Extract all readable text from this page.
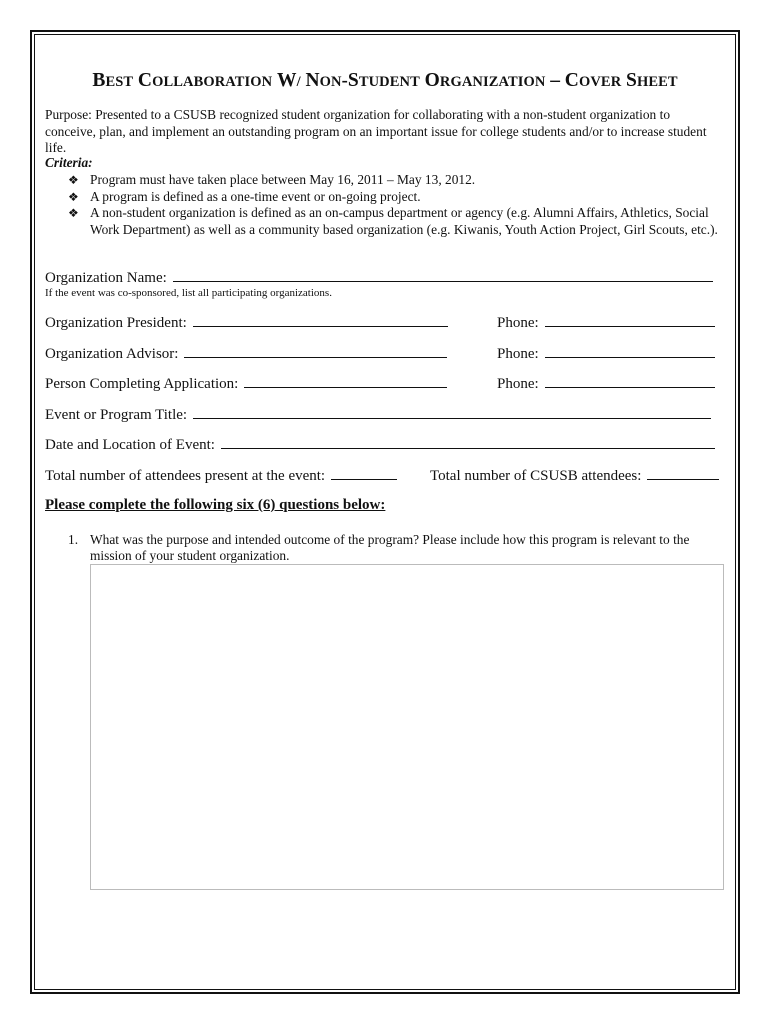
BEST COLLABORATION W/ NON-STUDENT ORGANIZATION – COVER SHEET
Purpose: Presented to a CSUSB recognized student organization for collaborating with a non-student organization to conceive, plan, and implement an outstanding program on an important issue for college students and/or to increase student life.
Criteria:
❖ Program must have taken place between May 16, 2011 – May 13, 2012.
❖ A program is defined as a one-time event or on-going project.
❖ A non-student organization is defined as an on-campus department or agency (e.g. Alumni Affairs, Athletics, Social Work Department) as well as a community based organization (e.g. Kiwanis, Youth Action Project, Girl Scouts, etc.).
Organization Name:
If the event was co-sponsored, list all participating organizations.
Organization President:	Phone:
Organization Advisor:	Phone:
Person Completing Application:	Phone:
Event or Program Title:
Date and Location of Event:
Total number of attendees present at the event:	Total number of CSUSB attendees:
Please complete the following six (6) questions below:
1. What was the purpose and intended outcome of the program? Please include how this program is relevant to the mission of your student organization.
